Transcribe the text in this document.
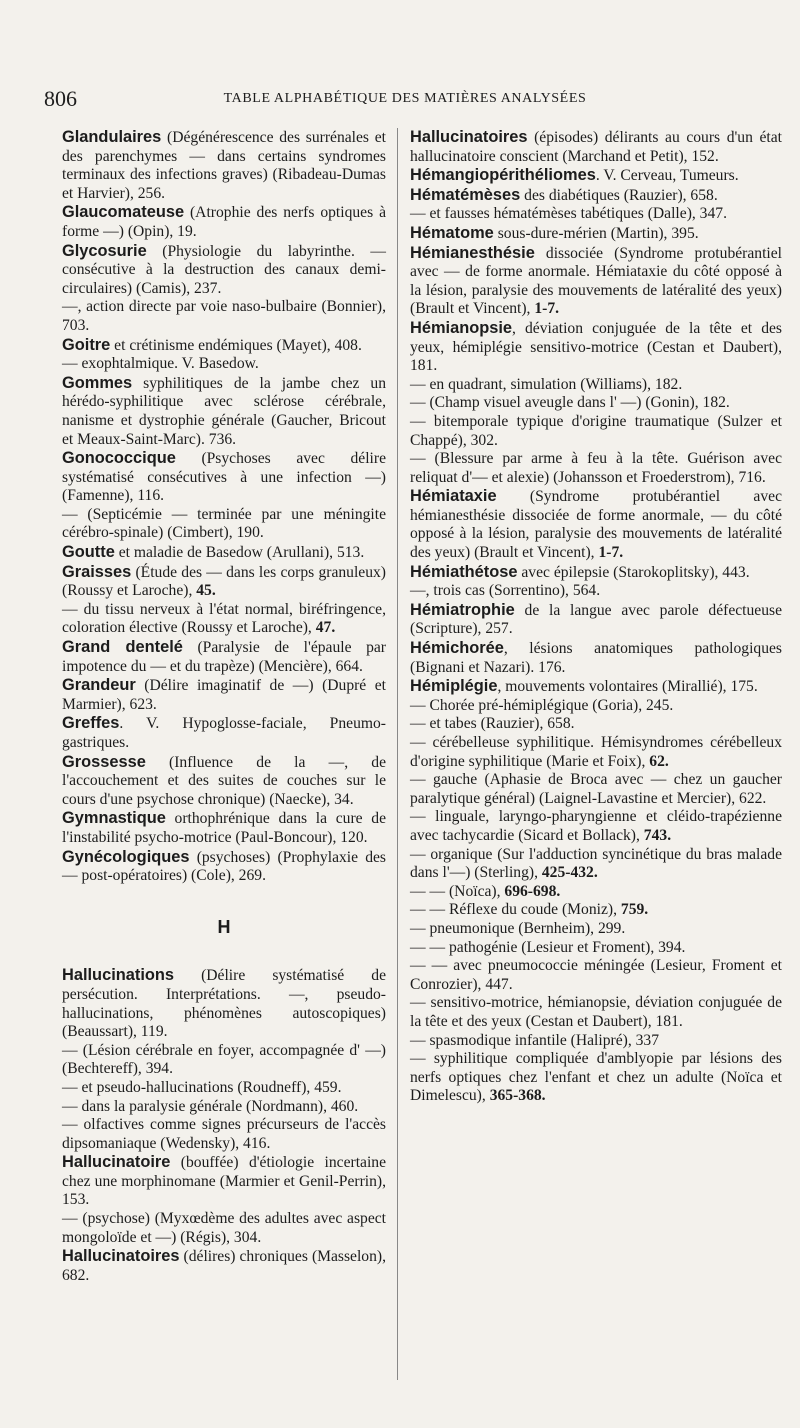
806	TABLE ALPHABÉTIQUE DES MATIÈRES ANALYSÉES

Glandulaires (Dégénérescence des surrénales et des parenchymes — dans certains syndromes terminaux des infections graves) (Ribadeau-Dumas et Harvier), 256.

Glaucomateuse (Atrophie des nerfs optiques à forme —) (Opin), 19.

Glycosurie (Physiologie du labyrinthe. — consécutive à la destruction des canaux demi-circulaires) (Camis), 237.

—, action directe par voie naso-bulbaire (Bonnier), 703.

Goitre et crétinisme endémiques (Mayet), 408.

— exophtalmique. V. Basedow.

Gommes syphilitiques de la jambe chez un hérédo-syphilitique avec sclérose cérébrale, nanisme et dystrophie générale (Gaucher, Bricout et Meaux-Saint-Marc). 736.

Gonococcique (Psychoses avec délire systématisé consécutives à une infection —) (Famenne), 116.

— (Septicémie — terminée par une méningite cérébro-spinale) (Cimbert), 190.

Goutte et maladie de Basedow (Arullani), 513.

Graisses (Étude des — dans les corps granuleux) (Roussy et Laroche), 45.

— du tissu nerveux à l'état normal, biréfringence, coloration élective (Roussy et Laroche), 47.

Grand dentelé (Paralysie de l'épaule par impotence du — et du trapèze) (Mencière), 664.

Grandeur (Délire imaginatif de —) (Dupré et Marmier), 623.

Greffes. V. Hypoglosse-faciale, Pneumo-gastriques.

Grossesse (Influence de la —, de l'accouchement et des suites de couches sur le cours d'une psychose chronique) (Naecke), 34.

Gymnastique orthophrénique dans la cure de l'instabilité psycho-motrice (Paul-Boncour), 120.

Gynécologiques (psychoses) (Prophylaxie des — post-opératoires) (Cole), 269.

H

Hallucinations (Délire systématisé de persécution. Interprétations. —, pseudo-hallucinations, phénomènes autoscopiques) (Beaussart), 119.

— (Lésion cérébrale en foyer, accompagnée d' —) (Bechtereff), 394.

— et pseudo-hallucinations (Roudneff), 459.

— dans la paralysie générale (Nordmann), 460.

— olfactives comme signes précurseurs de l'accès dipsomaniaque (Wedensky), 416.

Hallucinatoire (bouffée) d'étiologie incertaine chez une morphinomane (Marmier et Genil-Perrin), 153.

— (psychose) (Myxœdème des adultes avec aspect mongoloïde et —) (Régis), 304.

Hallucinatoires (délires) chroniques (Masselon), 682.

Hallucinatoires (épisodes) délirants au cours d'un état hallucinatoire conscient (Marchand et Petit), 152.

Hémangiopérithéliomes. V. Cerveau, Tumeurs.

Hématémèses des diabétiques (Rauzier), 658.

— et fausses hématémèses tabétiques (Dalle), 347.

Hématome sous-dure-mérien (Martin), 395.

Hémianesthésie dissociée (Syndrome protubérantiel avec — de forme anormale. Hémiataxie du côté opposé à la lésion, paralysie des mouvements de latéralité des yeux) (Brault et Vincent), 1-7.

Hémianopsie, déviation conjuguée de la tête et des yeux, hémiplégie sensitivo-motrice (Cestan et Daubert), 181.

— en quadrant, simulation (Williams), 182.

— (Champ visuel aveugle dans l' —) (Gonin), 182.

— bitemporale typique d'origine traumatique (Sulzer et Chappé), 302.

— (Blessure par arme à feu à la tête. Guérison avec reliquat d'— et alexie) (Johansson et Froederstrom), 716.

Hémiataxie (Syndrome protubérantiel avec hémianesthésie dissociée de forme anormale, — du côté opposé à la lésion, paralysie des mouvements de latéralité des yeux) (Brault et Vincent), 1-7.

Hémiathétose avec épilepsie (Starokoplitsky), 443.

—, trois cas (Sorrentino), 564.

Hémiatrophie de la langue avec parole défectueuse (Scripture), 257.

Hémichorée, lésions anatomiques pathologiques (Bignani et Nazari). 176.

Hémiplégie, mouvements volontaires (Mirallié), 175.

— Chorée pré-hémiplégique (Goria), 245.

— et tabes (Rauzier), 658.

— cérébelleuse syphilitique. Hémisyndromes cérébelleux d'origine syphilitique (Marie et Foix), 62.

— gauche (Aphasie de Broca avec — chez un gaucher paralytique général) (Laignel-Lavastine et Mercier), 622.

— linguale, laryngo-pharyngienne et cléido-trapézienne avec tachycardie (Sicard et Bollack), 743.

— organique (Sur l'adduction syncinétique du bras malade dans l'—) (Sterling), 425-432.

— — (Noïca), 696-698.

— — Réflexe du coude (Moniz), 759.

— pneumonique (Bernheim), 299.

— — pathogénie (Lesieur et Froment), 394.

— — avec pneumococcie méningée (Lesieur, Froment et Conrozier), 447.

— sensitivo-motrice, hémianopsie, déviation conjuguée de la tête et des yeux (Cestan et Daubert), 181.

— spasmodique infantile (Halipré), 337

— syphilitique compliquée d'amblyopie par lésions des nerfs optiques chez l'enfant et chez un adulte (Noïca et Dimelescu), 365-368.
